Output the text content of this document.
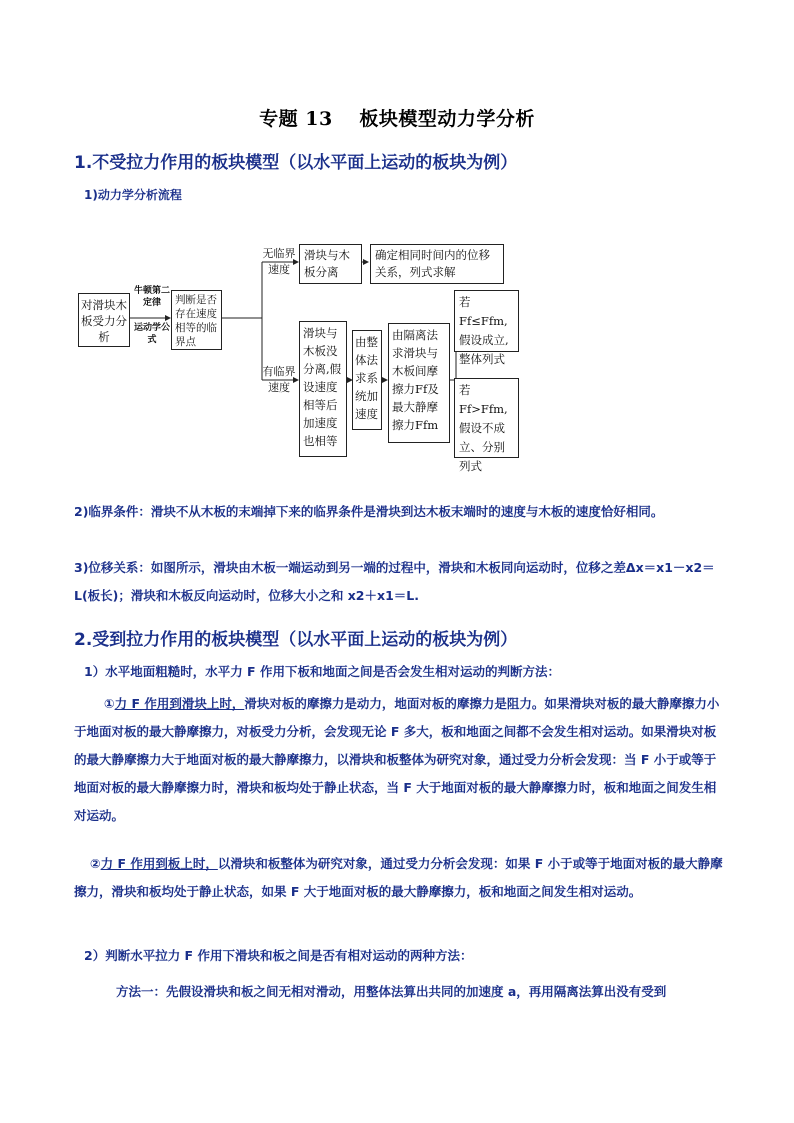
专题 13　 板块模型动力学分析
1.不受拉力作用的板块模型（以水平面上运动的板块为例）
1)动力学分析流程
对滑块木板受力分析
牛顿第二定律
运动学公式
判断是否存在速度相等的临界点
无临界速度
有临界速度
滑块与木板分离
确定相同时间内的位移关系，列式求解
滑块与木板没分离,假设速度相等后加速度也相等
由整体法求系统加速度
由隔离法求滑块与木板间摩擦力Ff及最大静摩擦力Ffm
若Ff≤Ffm,假设成立,整体列式
若Ff>Ffm,假设不成立、分别列式
2)临界条件：滑块不从木板的末端掉下来的临界条件是滑块到达木板末端时的速度与木板的速度恰好相同。
3)位移关系：如图所示，滑块由木板一端运动到另一端的过程中，滑块和木板同向运动时，位移之差Δx＝x1－x2＝L(板长)；滑块和木板反向运动时，位移大小之和 x2＋x1＝L.
2.受到拉力作用的板块模型（以水平面上运动的板块为例）
1）水平地面粗糙时，水平力 F 作用下板和地面之间是否会发生相对运动的判断方法：
①力 F 作用到滑块上时，滑块对板的摩擦力是动力，地面对板的摩擦力是阻力。如果滑块对板的最大静摩擦力小于地面对板的最大静摩擦力，对板受力分析，会发现无论 F 多大，板和地面之间都不会发生相对运动。如果滑块对板的最大静摩擦力大于地面对板的最大静摩擦力，以滑块和板整体为研究对象，通过受力分析会发现：当 F 小于或等于地面对板的最大静摩擦力时，滑块和板均处于静止状态，当 F 大于地面对板的最大静摩擦力时，板和地面之间发生相对运动。
②力 F 作用到板上时，以滑块和板整体为研究对象，通过受力分析会发现：如果 F 小于或等于地面对板的最大静摩擦力，滑块和板均处于静止状态，如果 F 大于地面对板的最大静摩擦力，板和地面之间发生相对运动。
2）判断水平拉力 F 作用下滑块和板之间是否有相对运动的两种方法：
方法一：先假设滑块和板之间无相对滑动，用整体法算出共同的加速度 a，再用隔离法算出没有受到
